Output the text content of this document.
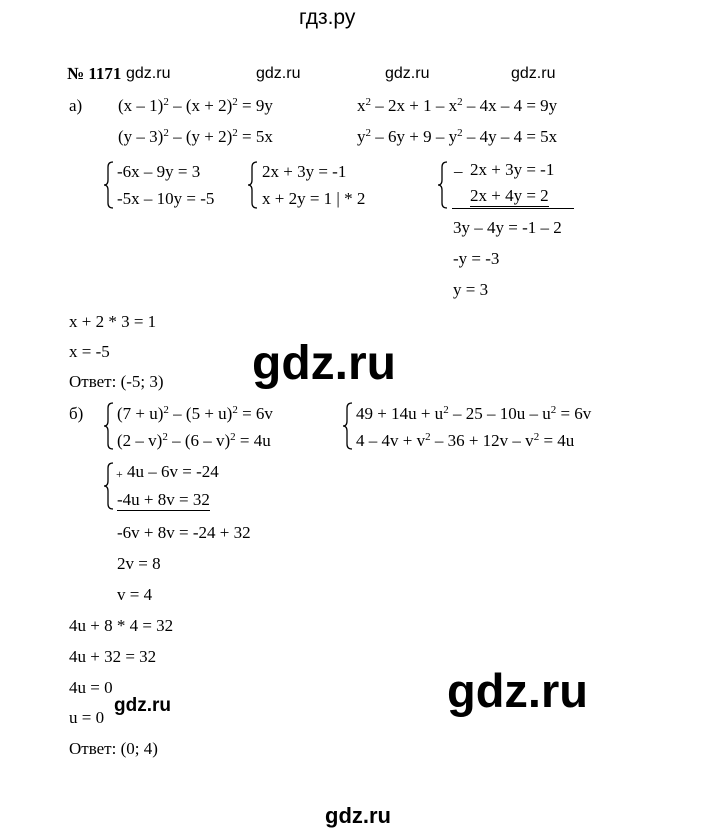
гдз.ру
№ 1171 gdz.ru	gdz.ru	gdz.ru	gdz.ru
а) $(x - 1)^2 - (x + 2)^2 = 9y$
$(y - 3)^2 - (y + 2)^2 = 5x$
$x^2 - 2x + 1 - x^2 - 4x - 4 = 9y$
$y^2 - 6y + 9 - y^2 - 4y - 4 = 5x$
-6x – 9y = 3
-5x – 10y = -5
2x + 3y = -1
x + 2y = 1 | * 2
_ 2x + 3y = -1
2x + 4y = 2
3y – 4y = -1 – 2
-y = -3
y = 3
x + 2 * 3 = 1
x = -5
Ответ: (-5; 3) gdz.ru
б) $(7 + u)^2 - (5 + u)^2 = 6v$
(2 – v)$^2$ – (6 – v)$^2$ = 4u
$49 + 14u + u^2 - 25 - 10u - u^2 = 6v$
$4 - 4v + v^2 - 36 + 12v - v^2 = 4u$
+ 4u – 6v = -24
-4u + 8v = 32
-6v + 8v = -24 + 32
2v = 8
v = 4
4u + 8 * 4 = 32
4u + 32 = 32
4u = 0
u = 0
Ответ: (0; 4)
gdz.ru	gdz.ru
gdz.ru
